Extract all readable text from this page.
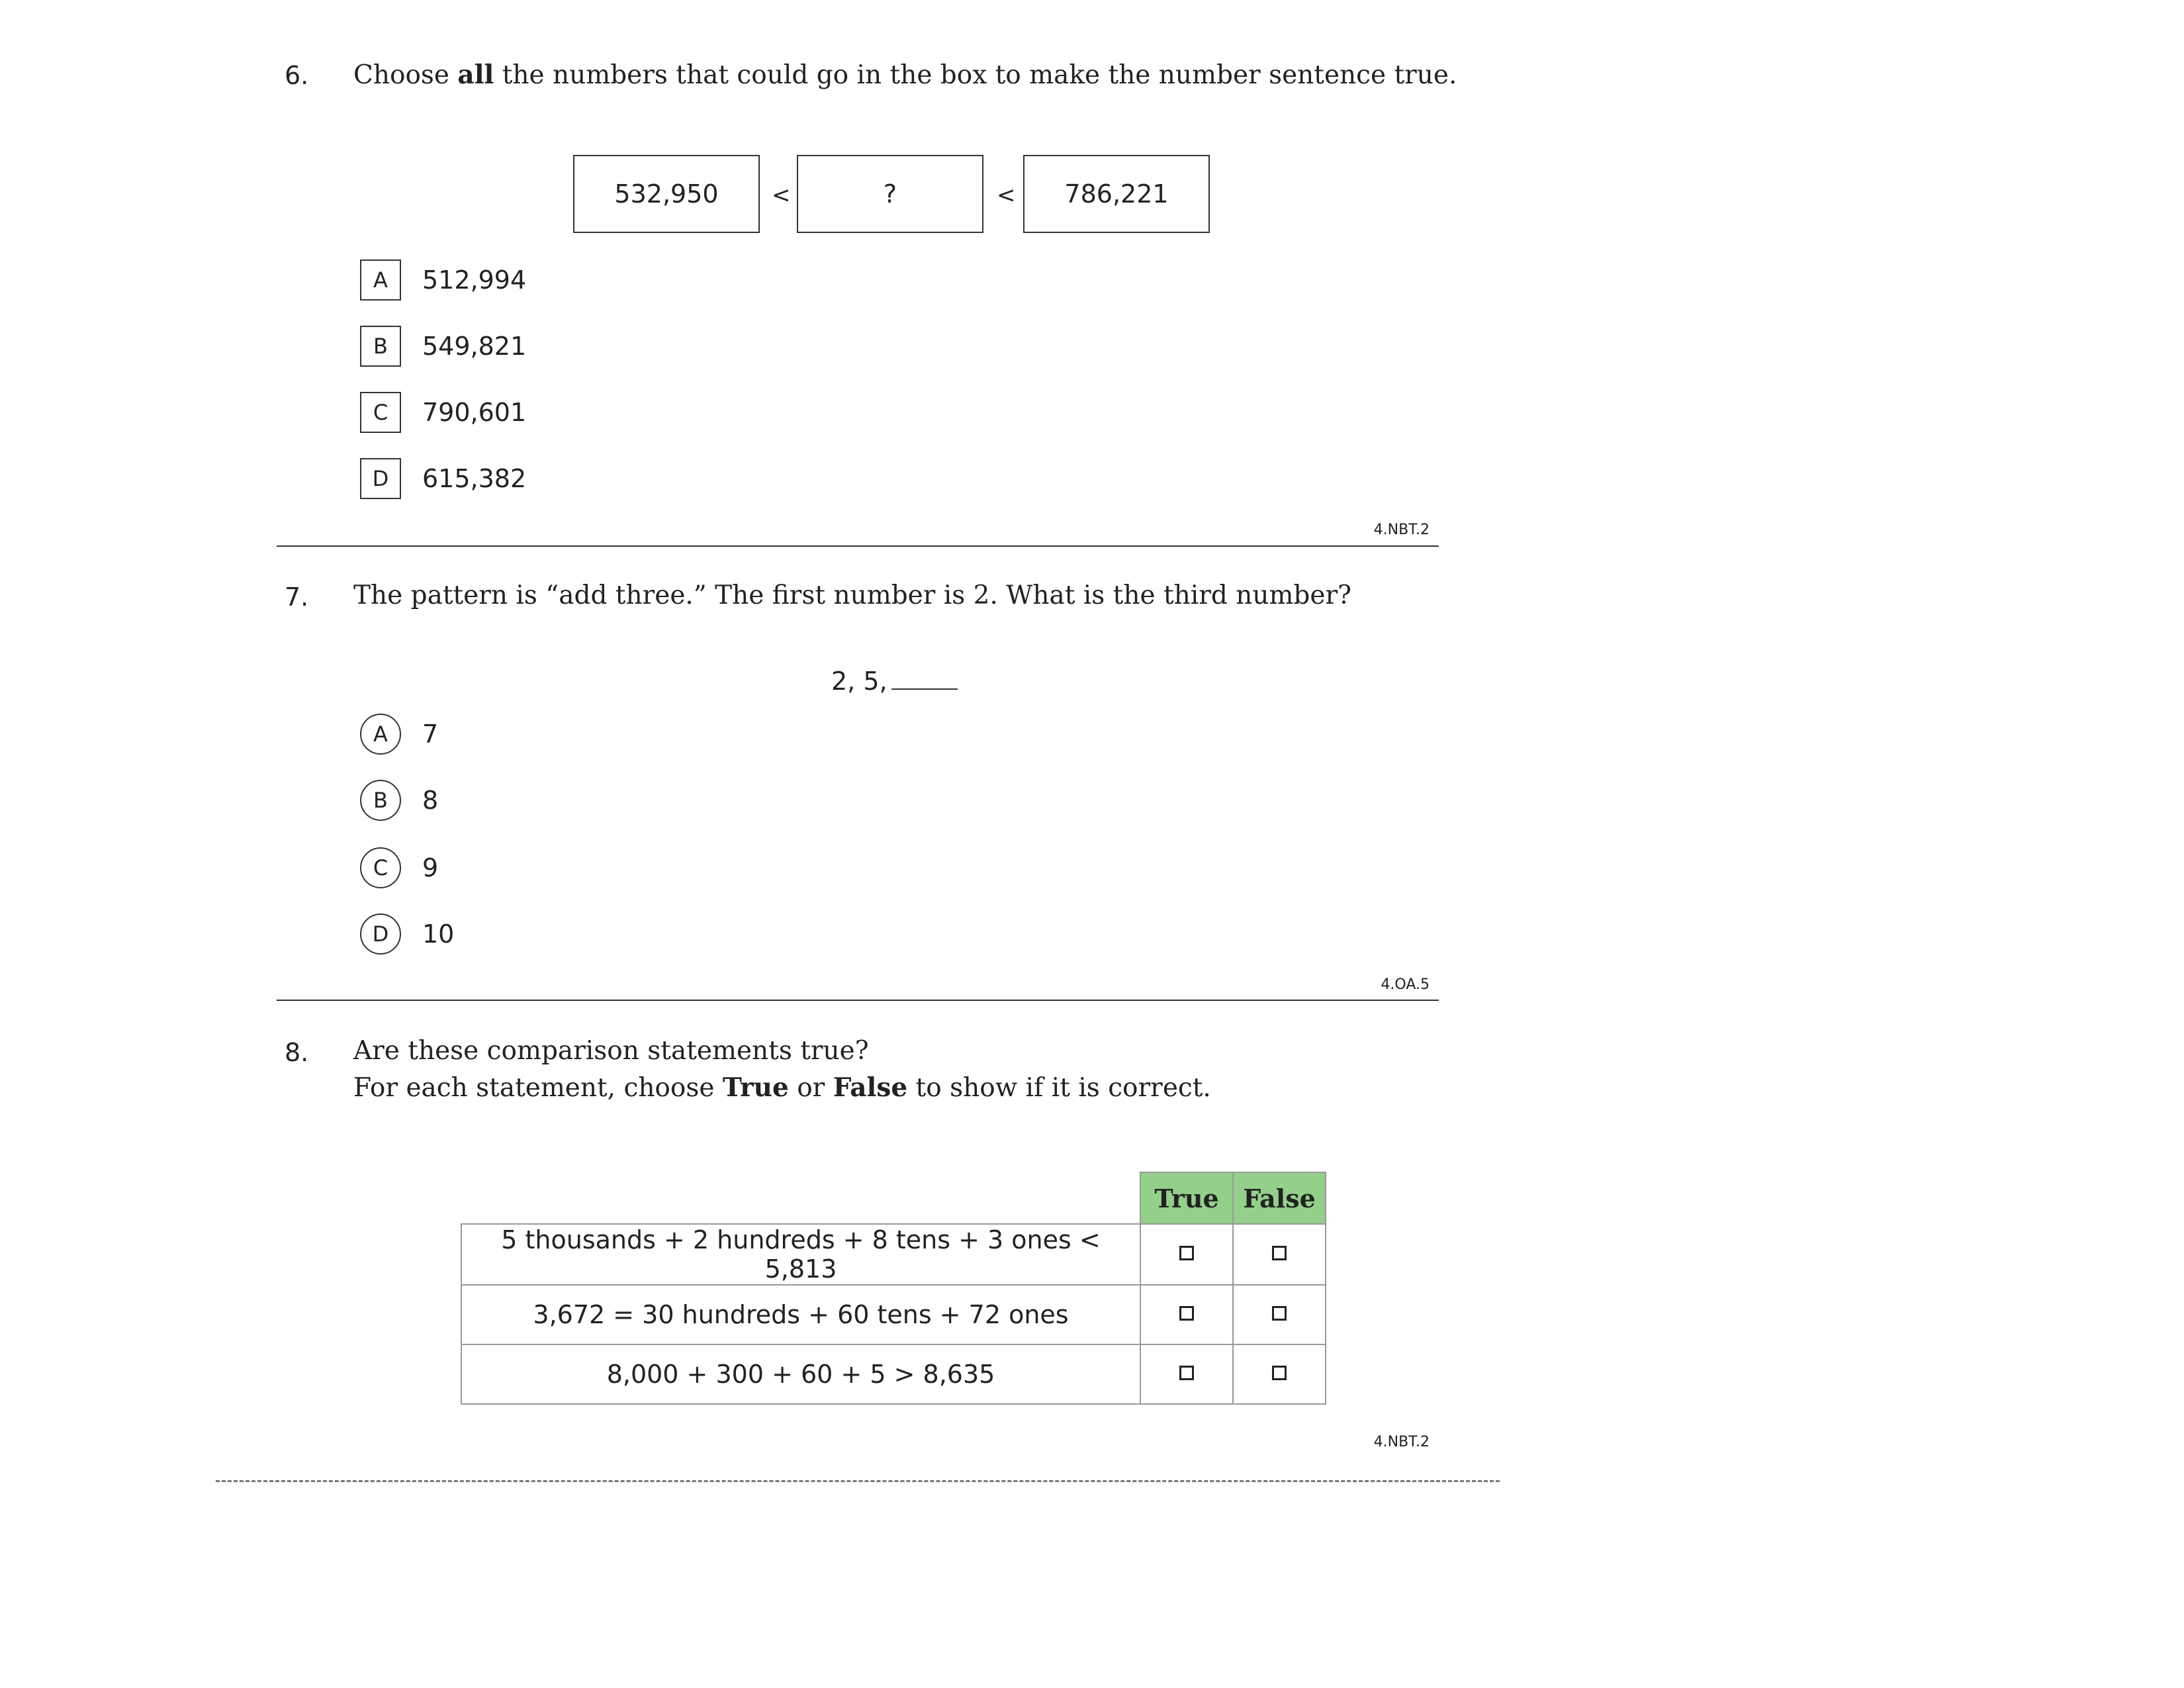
6. Choose all the numbers that could go in the box to make the number sentence true.
532,950	<	?	<	786,221
A	512,994
B	549,821
C	790,601
D	615,382
4.NBT.2
7. The pattern is “add three.” The first number is 2. What is the third number?
2, 5,
A	7
B	8
C	9
D	10
4.OA.5
8. Are these comparison statements true?
For each statement, choose True or False to show if it is correct.
	True	False
5 thousands + 2 hundreds + 8 tens + 3 ones < 5,813		
3,672 = 30 hundreds + 60 tens + 72 ones		
8,000 + 300 + 60 + 5 > 8,635		
4.NBT.2
